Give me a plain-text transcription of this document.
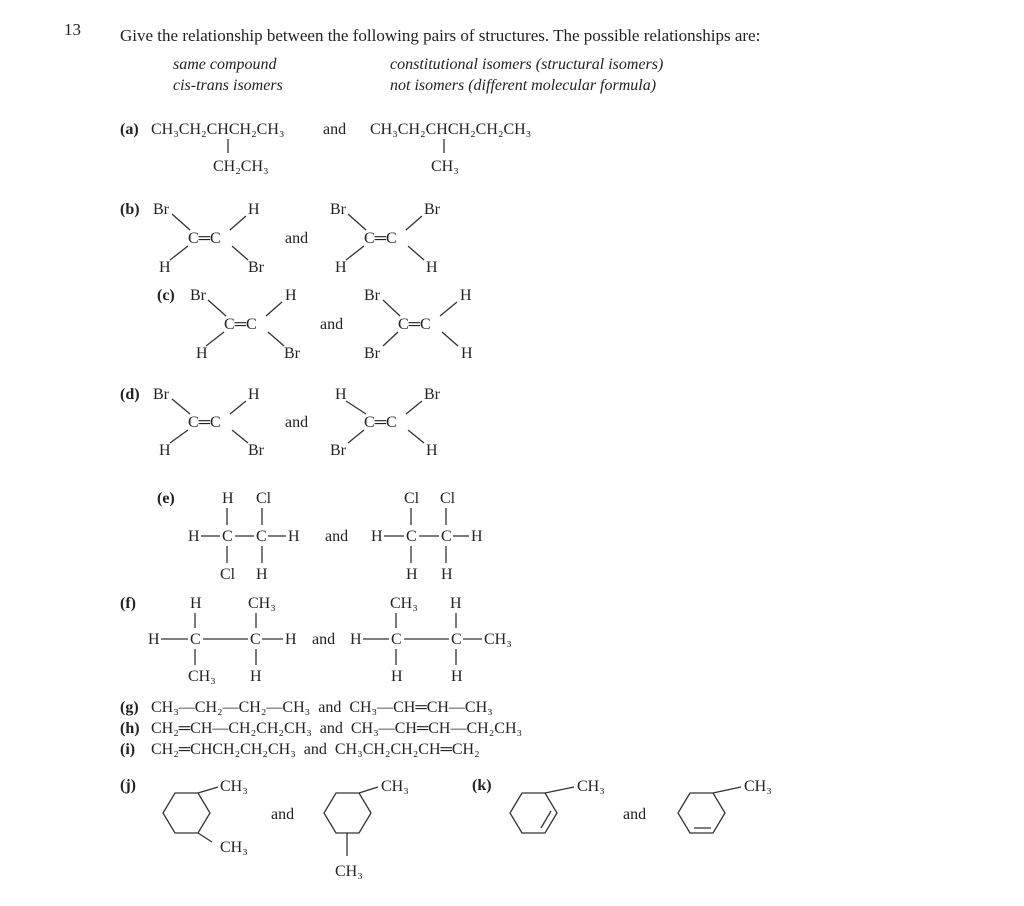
13 Give the relationship between the following pairs of structures. The possible relationships are:
same compound
cis-trans isomers
constitutional isomers (structural isomers)
not isomers (different molecular formula)
(a) CH₃CH₂CHCH₂CH₃
CH₂CH₃
and CH₃CH₂CHCH₂CH₂CH₃
CH₃
(b) Br	H
C═C
H	Br
and
Br	Br
C═C
H	H
(c) Br	H
C═C
H	Br
and
Br	H
C═C
Br	H
(d) Br	H
C═C
H	Br
and
H	Br
C═C
Br	H
(e)	H Cl
H C C H
Cl H
and
Cl Cl
H C C H
H H
(f)	H	CH₃
H C	C H
CH₃ H
and
CH₃ H
H C	C CH₃
H	H
(g) CH₃—CH₂—CH₂—CH₃  and  CH₃—CH═CH—CH₃
(h) CH₂═CH—CH₂CH₂CH₃  and  CH₃—CH═CH—CH₂CH₃
(i) CH₂═CHCH₂CH₂CH₃  and  CH₃CH₂CH₂CH═CH₂
(j)	CH₃
CH₃
and
CH₃
CH₃
(k)	CH₃
and
CH₃
